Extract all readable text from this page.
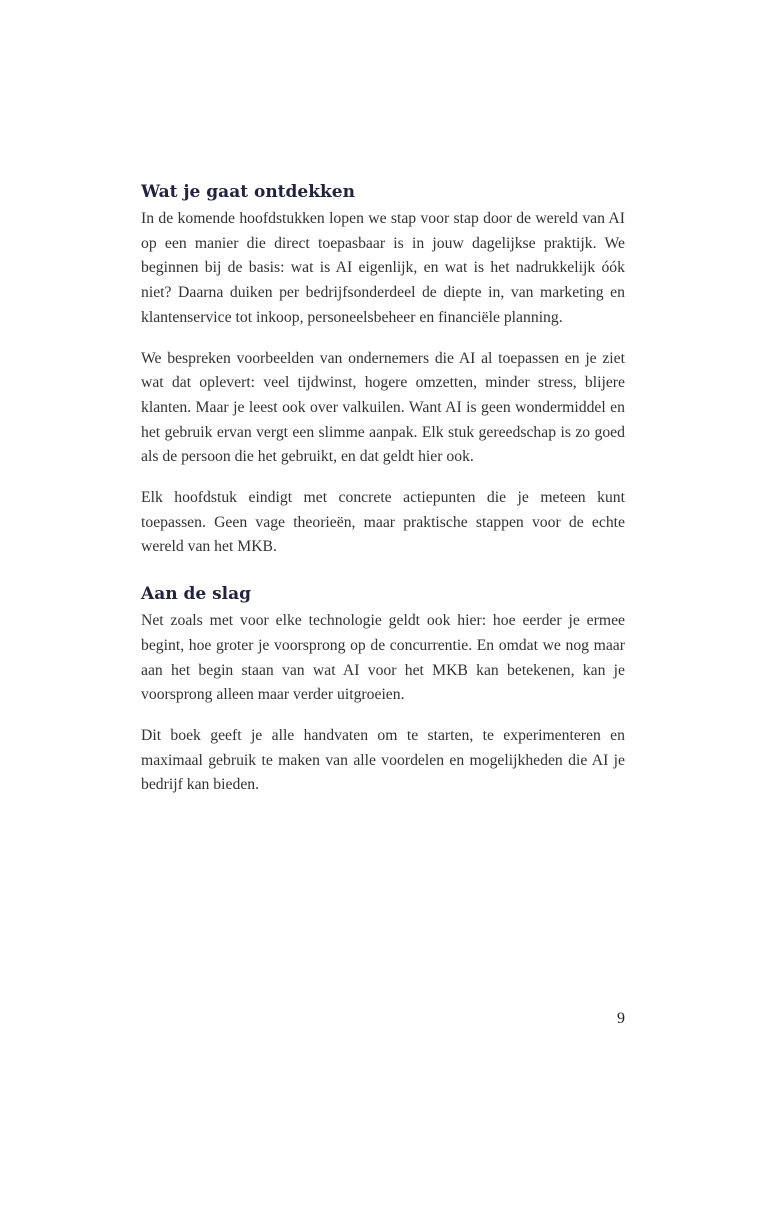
Wat je gaat ontdekken

In de komende hoofdstukken lopen we stap voor stap door de wereld van AI op een manier die direct toepasbaar is in jouw dagelijkse praktijk. We beginnen bij de basis: wat is AI eigenlijk, en wat is het nadrukkelijk óók niet? Daarna duiken per bedrijfsonderdeel de diepte in, van marketing en klantenservice tot inkoop, personeelsbeheer en financiële planning.

We bespreken voorbeelden van ondernemers die AI al toepassen en je ziet wat dat oplevert: veel tijdwinst, hogere omzetten, minder stress, blijere klanten. Maar je leest ook over valkuilen. Want AI is geen wondermiddel en het gebruik ervan vergt een slimme aanpak. Elk stuk gereedschap is zo goed als de persoon die het gebruikt, en dat geldt hier ook.

Elk hoofdstuk eindigt met concrete actiepunten die je meteen kunt toepassen. Geen vage theorieën, maar praktische stappen voor de echte wereld van het MKB.

Aan de slag

Net zoals met voor elke technologie geldt ook hier: hoe eerder je ermee begint, hoe groter je voorsprong op de concurrentie. En omdat we nog maar aan het begin staan van wat AI voor het MKB kan betekenen, kan je voorsprong alleen maar verder uitgroeien.

Dit boek geeft je alle handvaten om te starten, te experimenteren en maximaal gebruik te maken van alle voordelen en mogelijkheden die AI je bedrijf kan bieden.

9
